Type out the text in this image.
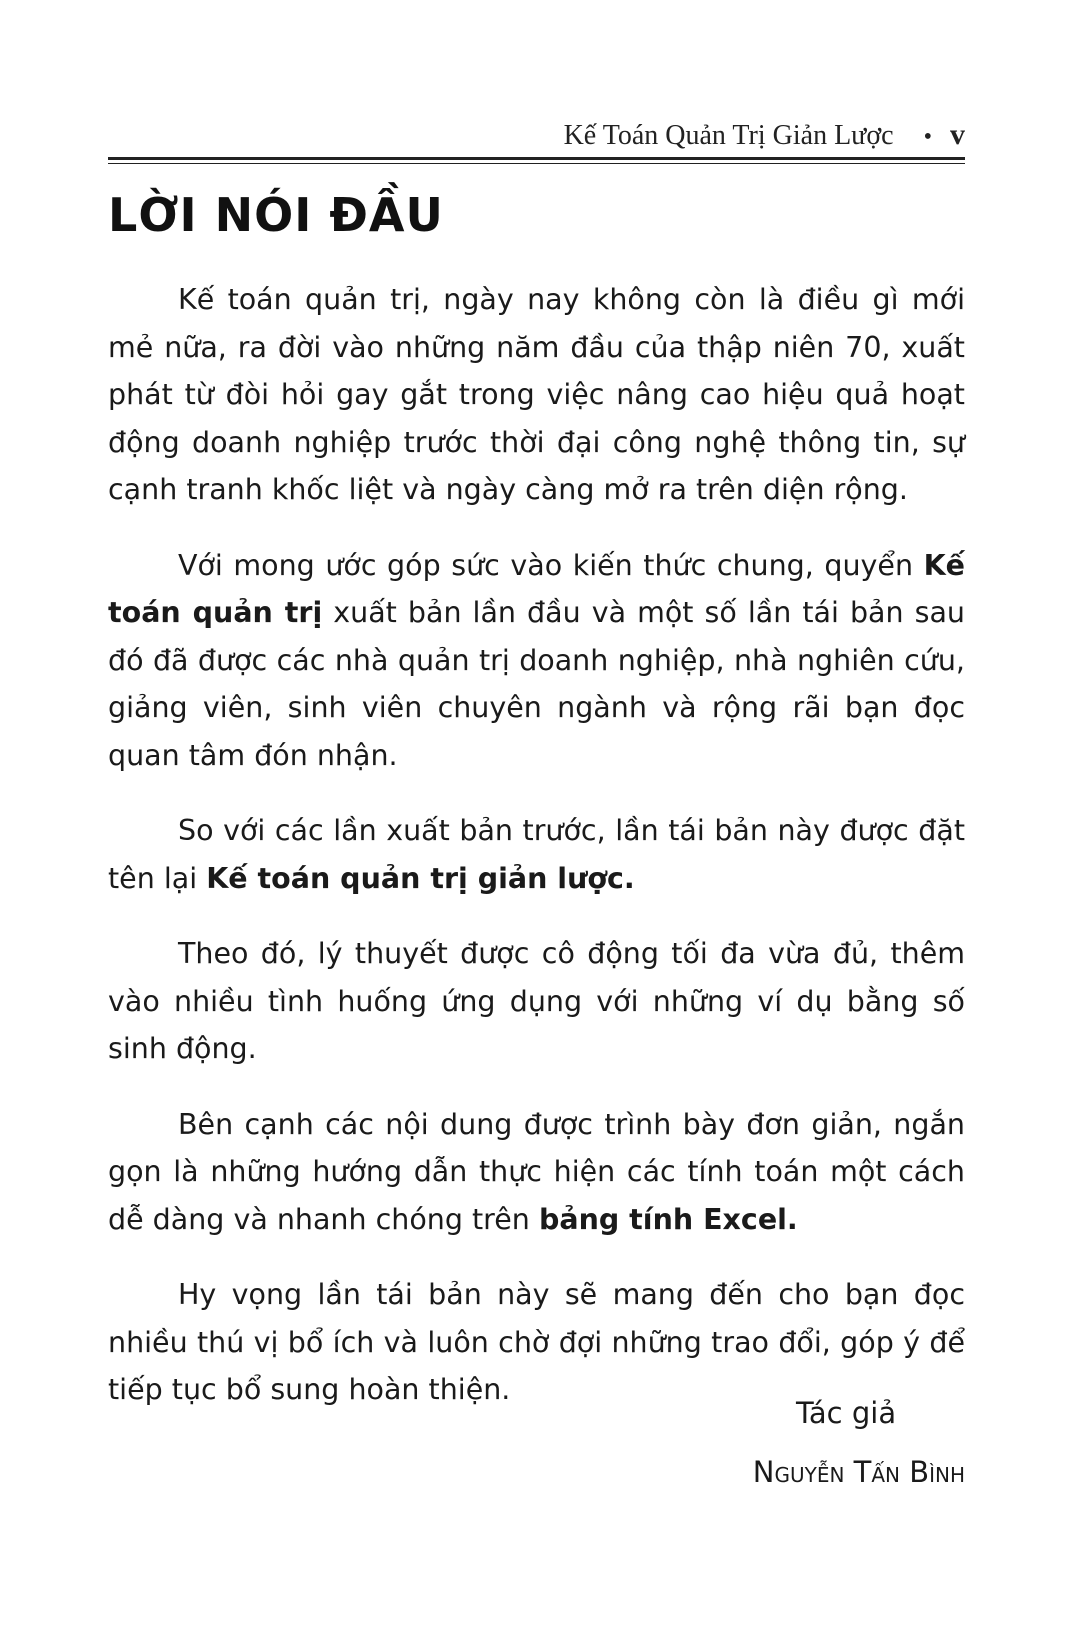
Kế Toán Quản Trị Giản Lược • v
LỜI NÓI ĐẦU

Kế toán quản trị, ngày nay không còn là điều gì mới mẻ nữa, ra đời vào những năm đầu của thập niên 70, xuất phát từ đòi hỏi gay gắt trong việc nâng cao hiệu quả hoạt động doanh nghiệp trước thời đại công nghệ thông tin, sự cạnh tranh khốc liệt và ngày càng mở ra trên diện rộng.

Với mong ước góp sức vào kiến thức chung, quyển Kế toán quản trị xuất bản lần đầu và một số lần tái bản sau đó đã được các nhà quản trị doanh nghiệp, nhà nghiên cứu, giảng viên, sinh viên chuyên ngành và rộng rãi bạn đọc quan tâm đón nhận.

So với các lần xuất bản trước, lần tái bản này được đặt tên lại Kế toán quản trị giản lược.

Theo đó, lý thuyết được cô động tối đa vừa đủ, thêm vào nhiều tình huống ứng dụng với những ví dụ bằng số sinh động.

Bên cạnh các nội dung được trình bày đơn giản, ngắn gọn là những hướng dẫn thực hiện các tính toán một cách dễ dàng và nhanh chóng trên bảng tính Excel.

Hy vọng lần tái bản này sẽ mang đến cho bạn đọc nhiều thú vị bổ ích và luôn chờ đợi những trao đổi, góp ý để tiếp tục bổ sung hoàn thiện.

Tác giả
Nguyễn Tấn Bình
